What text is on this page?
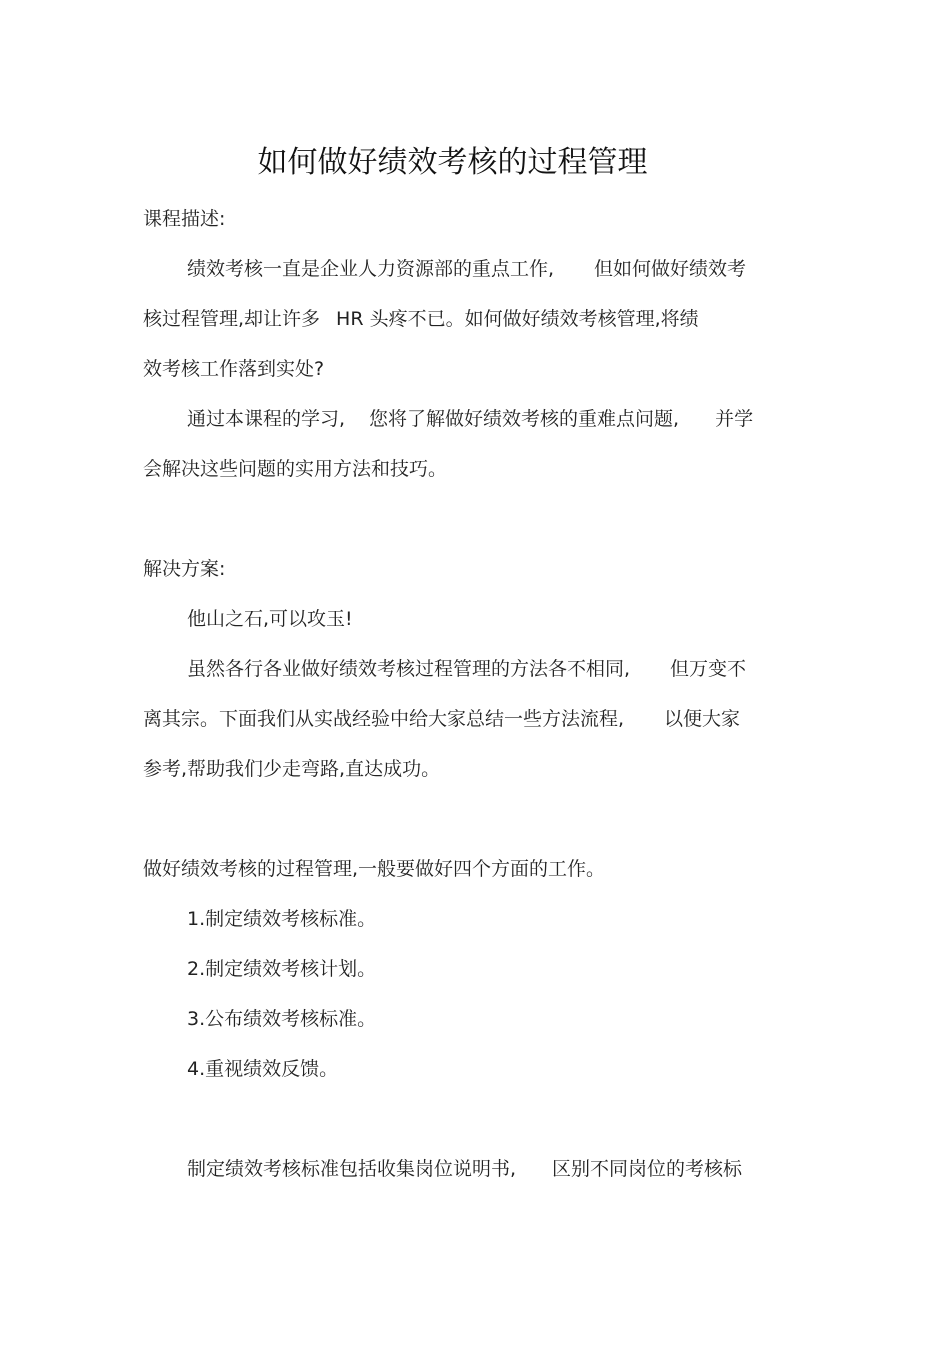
如何做好绩效考核的过程管理
课程描述:
绩效考核一直是企业人力资源部的重点工作, 但如何做好绩效考
核过程管理,却让许多 HR 头疼不已。如何做好绩效考核管理,将绩
效考核工作落到实处?
通过本课程的学习, 您将了解做好绩效考核的重难点问题, 并学
会解决这些问题的实用方法和技巧。
解决方案:
他山之石,可以攻玉!
虽然各行各业做好绩效考核过程管理的方法各不相同, 但万变不
离其宗。下面我们从实战经验中给大家总结一些方法流程, 以便大家
参考,帮助我们少走弯路,直达成功。
做好绩效考核的过程管理,一般要做好四个方面的工作。
1.制定绩效考核标准。
2.制定绩效考核计划。
3.公布绩效考核标准。
4.重视绩效反馈。
制定绩效考核标准包括收集岗位说明书, 区别不同岗位的考核标
